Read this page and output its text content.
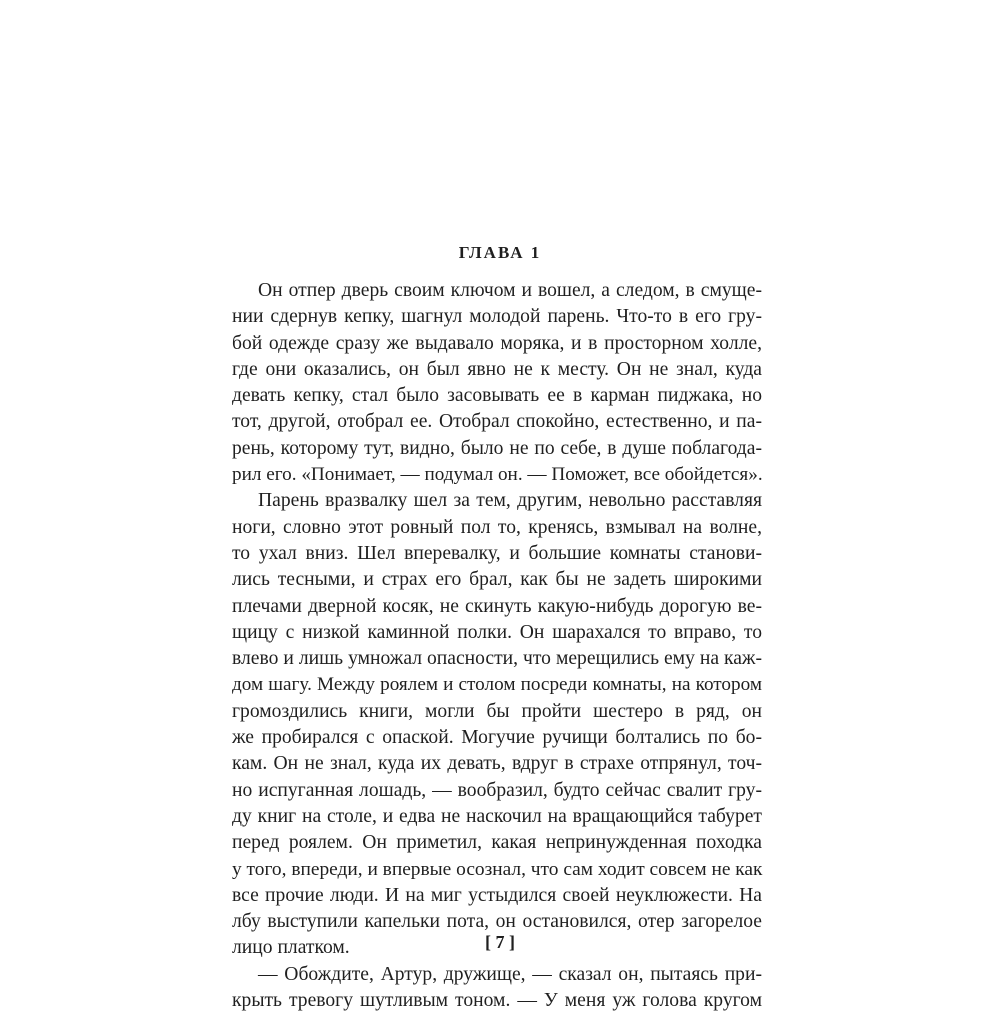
ГЛАВА 1
Он отпер дверь своим ключом и вошел, а следом, в смуще-
нии сдернув кепку, шагнул молодой парень. Что-то в его гру-
бой одежде сразу же выдавало моряка, и в просторном холле,
где они оказались, он был явно не к месту. Он не знал, куда
девать кепку, стал было засовывать ее в карман пиджака, но
тот, другой, отобрал ее. Отобрал спокойно, естественно, и па-
рень, которому тут, видно, было не по себе, в душе поблагода-
рил его. «Понимает, — подумал он. — Поможет, все обойдется».
Парень вразвалку шел за тем, другим, невольно расставляя
ноги, словно этот ровный пол то, кренясь, взмывал на волне,
то ухал вниз. Шел вперевалку, и большие комнаты станови-
лись тесными, и страх его брал, как бы не задеть широкими
плечами дверной косяк, не скинуть какую-нибудь дорогую ве-
щицу с низкой каминной полки. Он шарахался то вправо, то
влево и лишь умножал опасности, что мерещились ему на каж-
дом шагу. Между роялем и столом посреди комнаты, на котором
громоздились книги, могли бы пройти шестеро в ряд, он
же пробирался с опаской. Могучие ручищи болтались по бо-
кам. Он не знал, куда их девать, вдруг в страхе отпрянул, точ-
но испуганная лошадь, — вообразил, будто сейчас свалит гру-
ду книг на столе, и едва не наскочил на вращающийся табурет
перед роялем. Он приметил, какая непринужденная походка
у того, впереди, и впервые осознал, что сам ходит совсем не как
все прочие люди. И на миг устыдился своей неуклюжести. На
лбу выступили капельки пота, он остановился, отер загорелое
лицо платком.
— Обождите, Артур, дружище, — сказал он, пытаясь при-
крыть тревогу шутливым тоном. — У меня уж голова кругом
[ 7 ]
